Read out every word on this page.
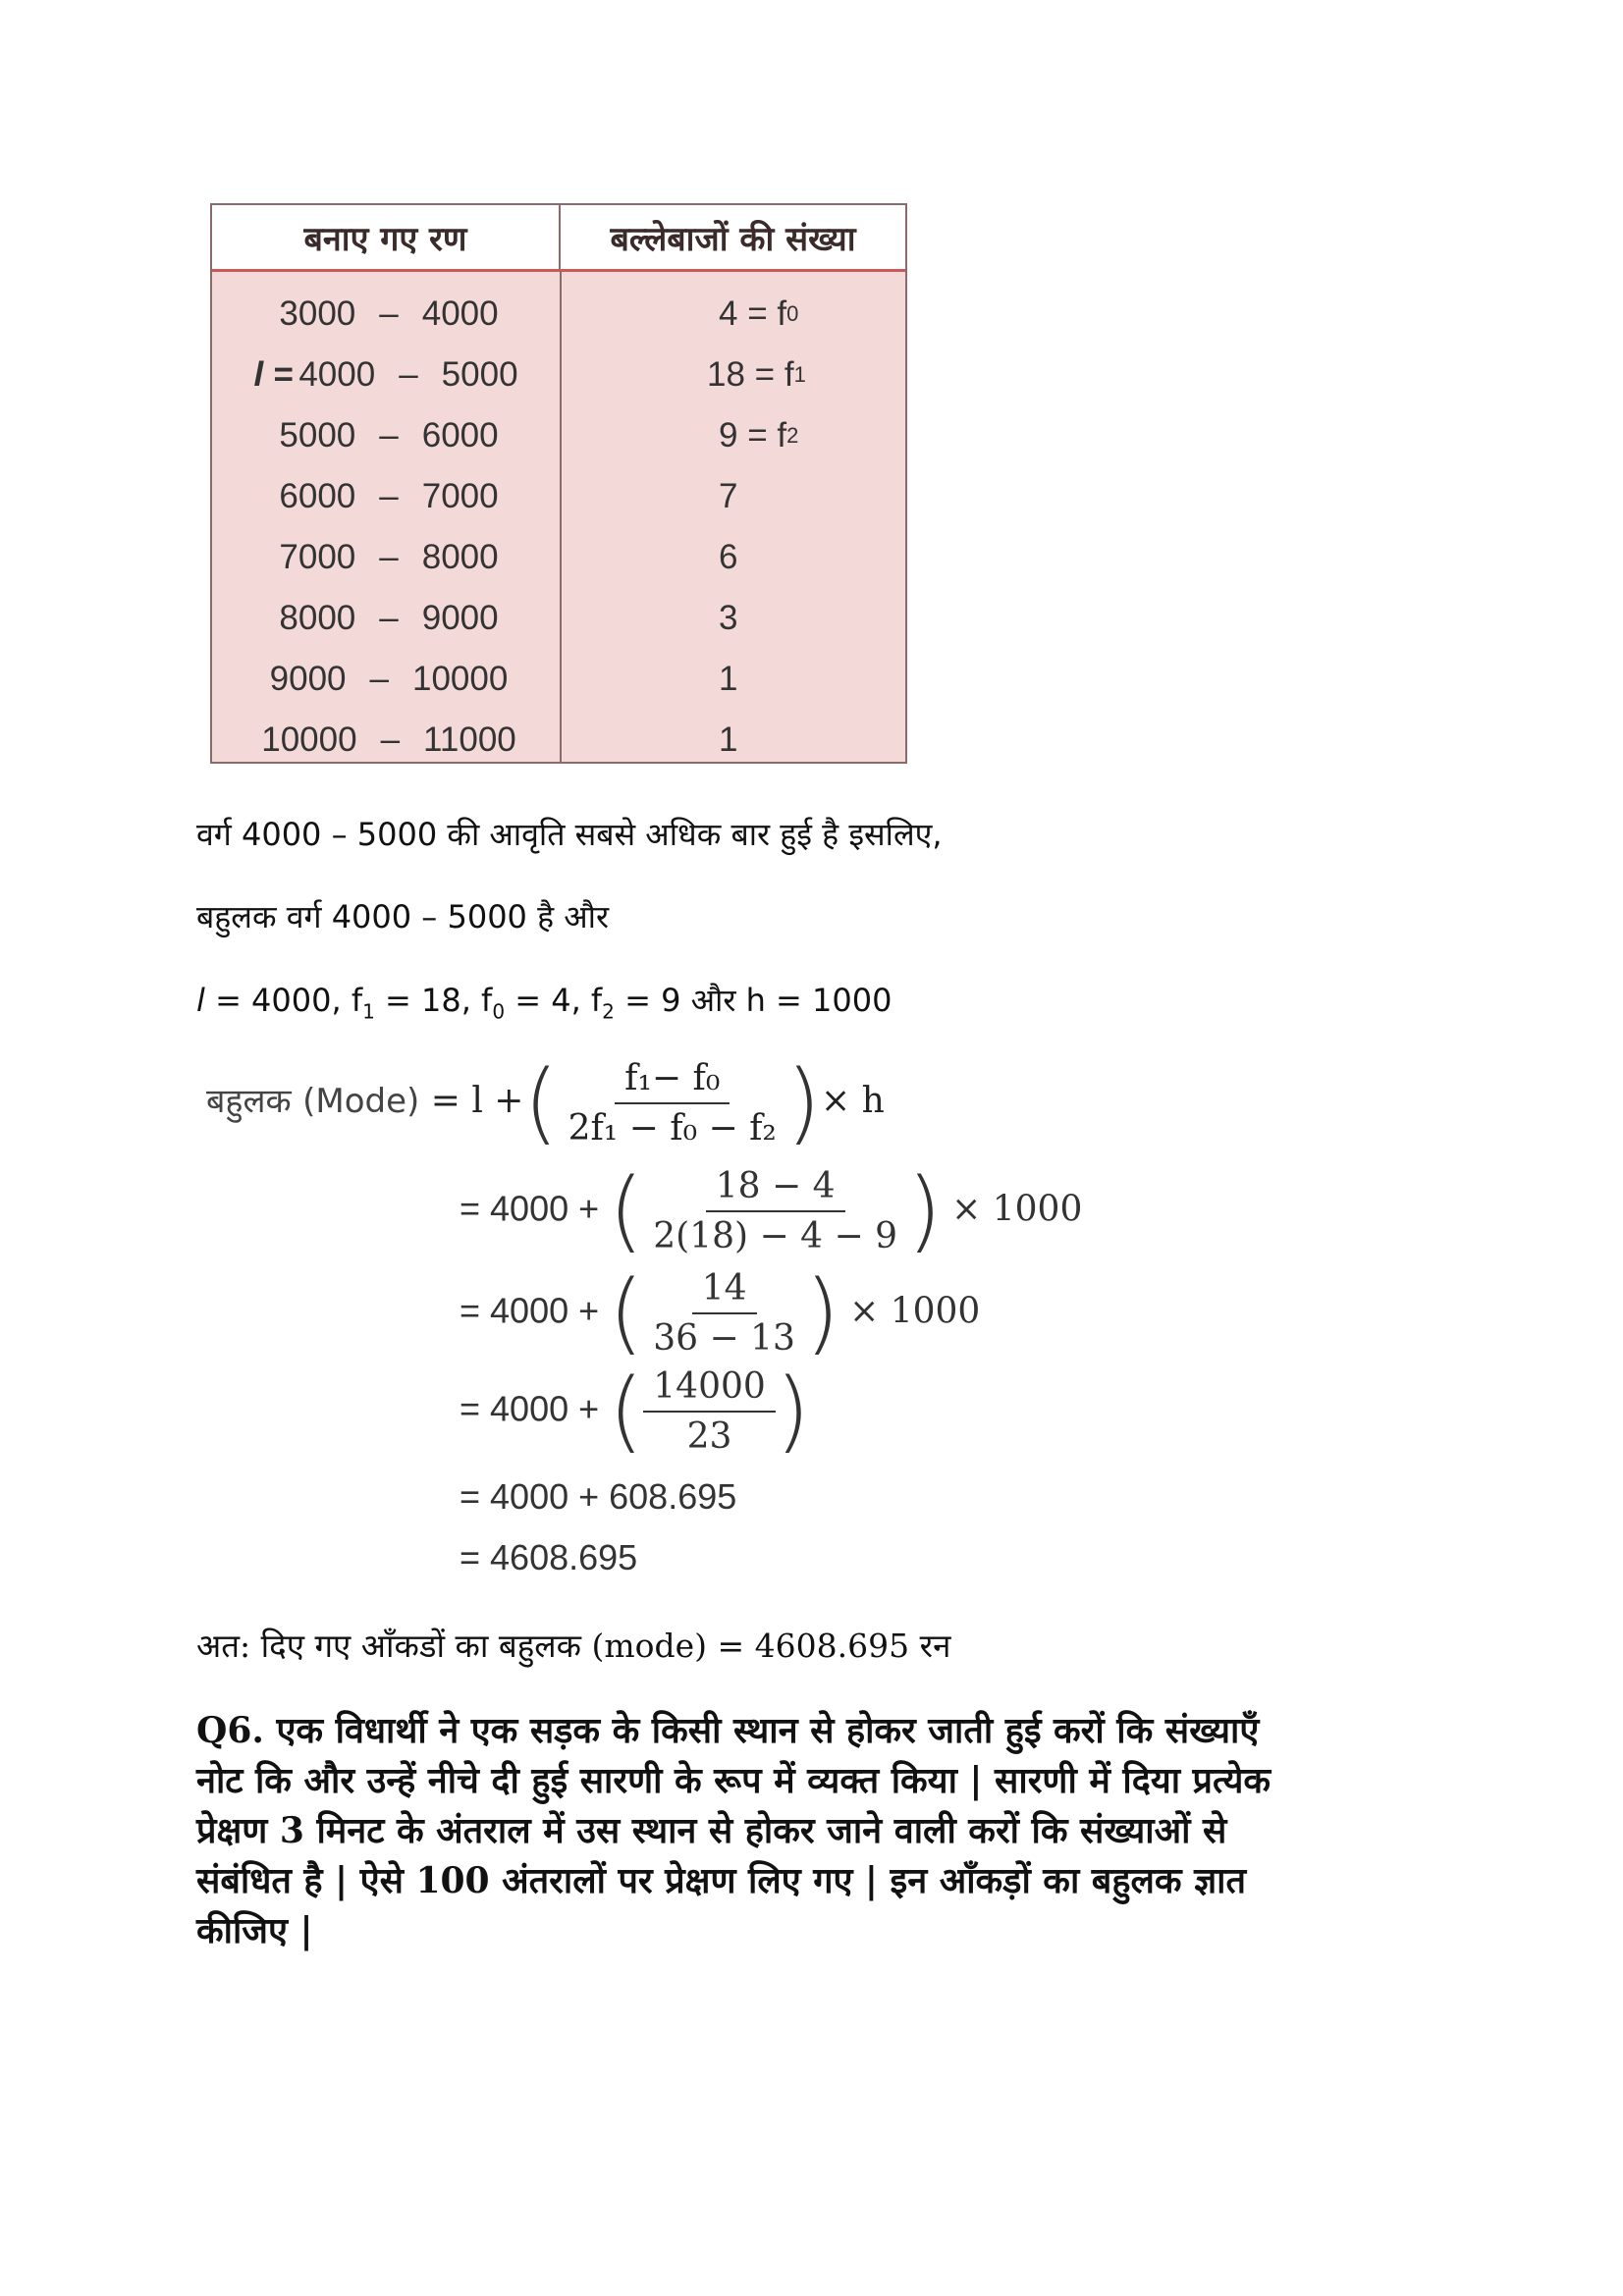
बनाए गए रण	बल्लेबाजों की संख्या
3000 – 4000
l = 4000 – 5000
5000 – 6000
6000 – 7000
7000 – 8000
8000 – 9000
9000 – 10000
10000 – 11000
4 = f 0
18 = f 1
9 = f 2
7
6
3
1
1
वर्ग 4000 – 5000 की आवृति सबसे अधिक बार हुई है इसलिए,
बहुलक वर्ग 4000 – 5000 है और
l = 4000, $f_1 = 18$, $f_0 = 4$, $f_2 = 9$ और h = 1000
बहुलक (Mode) = l +( $\frac{\text{f₁− f₀}}{\text{2f₁ − f₀ − f₂}}$ )× h
= 4000 + ( $\frac{18 - 4}{2(18) - 4 - 9}$ ) × 1000
= 4000 + ( $\frac{14}{36 - 13}$ ) × 1000
= 4000 + ( $\frac{14000}{23}$ )
= 4000 + 608.695
= 4608.695
अत: दिए गए आँकडों का बहुलक (mode) = 4608.695 रन
Q6. एक विधार्थी ने एक सड़क के किसी स्थान से होकर जाती हुई करों कि संख्याएँ
नोट कि और उन्हें नीचे दी हुई सारणी के रूप में व्यक्त किया | सारणी में दिया प्रत्येक
प्रेक्षण 3 मिनट के अंतराल में उस स्थान से होकर जाने वाली करों कि संख्याओं से
संबंधित है | ऐसे 100 अंतरालों पर प्रेक्षण लिए गए | इन आँकड़ों का बहुलक ज्ञात
कीजिए |
